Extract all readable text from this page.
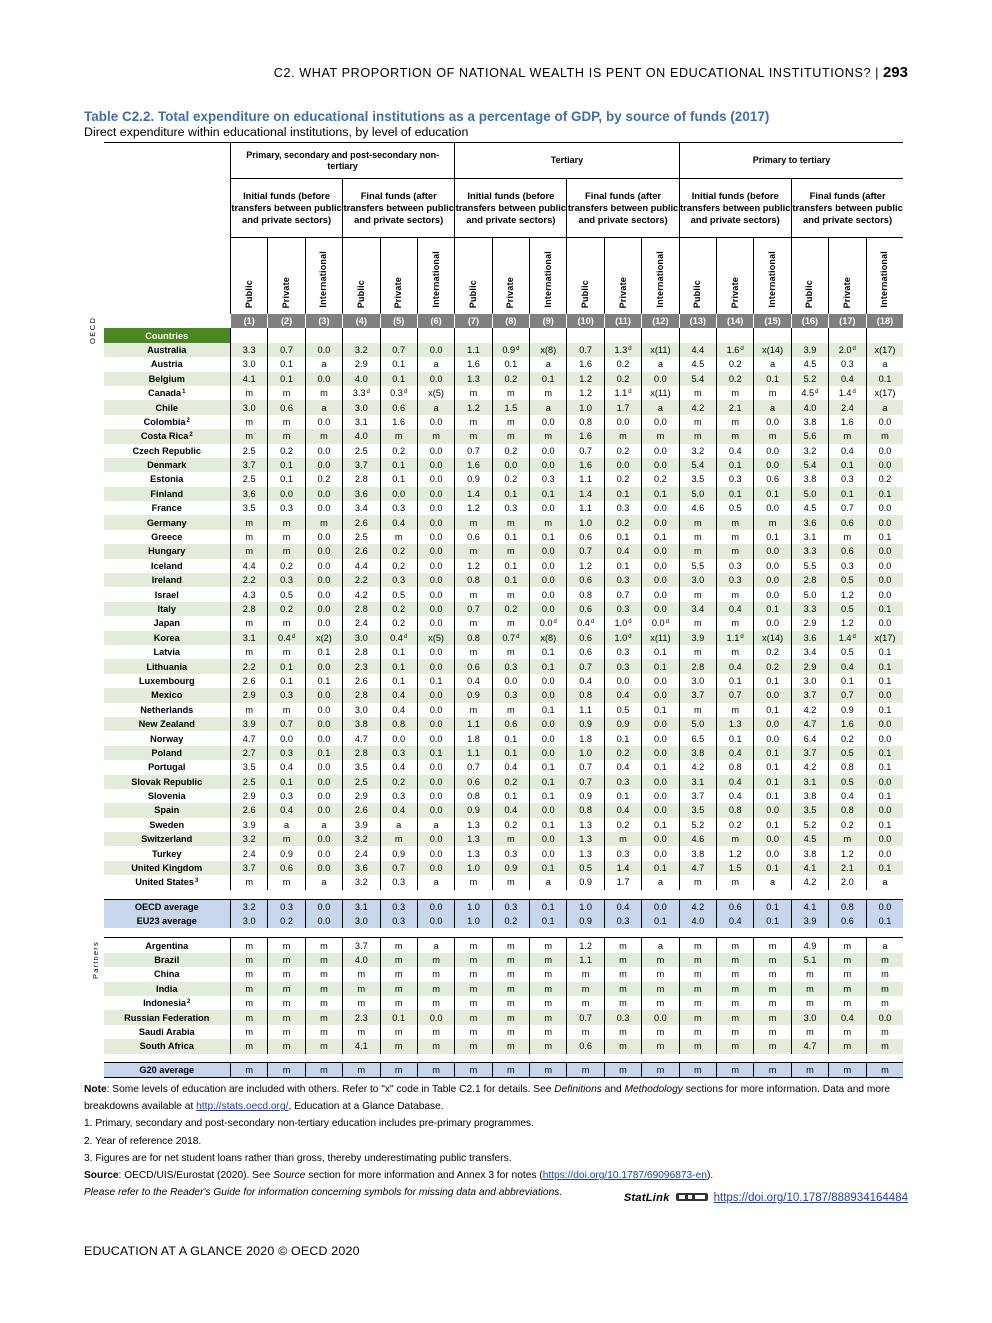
C2. WHAT PROPORTION OF NATIONAL WEALTH IS PENT ON EDUCATIONAL INSTITUTIONS? | 293
Table C2.2. Total expenditure on educational institutions as a percentage of GDP, by source of funds (2017)
Direct expenditure within educational institutions, by level of education
OECD
Partners
	Primary, secondary and post-secondary non-tertiary						Tertiary						Primary to tertiary					
	Initial funds (before transfers between public and private sectors)			Final funds (after transfers between public and private sectors)			Initial funds (before transfers between public and private sectors)			Final funds (after transfers between public and private sectors)			Initial funds (before transfers between public and private sectors)			Final funds (after transfers between public and private sectors)		

	Public	Private	International	Public	Private	International	Public	Private	International	Public	Private	International	Public	Private	International	Public	Private	International

	(1)	(2)	(3)	(4)	(5)	(6)	(7)	(8)	(9)	(10)	(11)	(12)	(13)	(14)	(15)	(16)	(17)	(18)
Countries																		
Australia	3.3	0.7	0.0	3.2	0.7	0.0	1.1	0.9$^d$	x(8)	0.7	1.3$^d$	x(11)	4.4	1.6$^d$	x(14)	3.9	2.0$^d$	x(17)
Austria	3.0	0.1	a	2.9	0.1	a	1.6	0.1	a	1.6	0.2	a	4.5	0.2	a	4.5	0.3	a
Belgium	4.1	0.1	0.0	4.0	0.1	0.0	1.3	0.2	0.1	1.2	0.2	0.0	5.4	0.2	0.1	5.2	0.4	0.1
Canada$^1$	m	m	m	3.3$^d$	0.3$^d$	x(5)	m	m	m	1.2	1.1$^d$	x(11)	m	m	m	4.5$^d$	1.4$^d$	x(17)
Chile	3.0	0.6	a	3.0	0.6	a	1.2	1.5	a	1.0	1.7	a	4.2	2.1	a	4.0	2.4	a
Colombia$^2$	m	m	0.0	3.1	1.6	0.0	m	m	0.0	0.8	0.0	0.0	m	m	0.0	3.8	1.6	0.0
Costa Rica$^2$	m	m	m	4.0	m	m	m	m	m	1.6	m	m	m	m	m	5.6	m	m
Czech Republic	2.5	0.2	0.0	2.5	0.2	0.0	0.7	0.2	0.0	0.7	0.2	0.0	3.2	0.4	0.0	3.2	0.4	0.0
Denmark	3.7	0.1	0.0	3.7	0.1	0.0	1.6	0.0	0.0	1.6	0.0	0.0	5.4	0.1	0.0	5.4	0.1	0.0
Estonia	2.5	0.1	0.2	2.8	0.1	0.0	0.9	0.2	0.3	1.1	0.2	0.2	3.5	0.3	0.6	3.8	0.3	0.2
Finland	3.6	0.0	0.0	3.6	0.0	0.0	1.4	0.1	0.1	1.4	0.1	0.1	5.0	0.1	0.1	5.0	0.1	0.1
France	3.5	0.3	0.0	3.4	0.3	0.0	1.2	0.3	0.0	1.1	0.3	0.0	4.6	0.5	0.0	4.5	0.7	0.0
Germany	m	m	m	2.6	0.4	0.0	m	m	m	1.0	0.2	0.0	m	m	m	3.6	0.6	0.0
Greece	m	m	0.0	2.5	m	0.0	0.6	0.1	0.1	0.6	0.1	0.1	m	m	0.1	3.1	m	0.1
Hungary	m	m	0.0	2.6	0.2	0.0	m	m	0.0	0.7	0.4	0.0	m	m	0.0	3.3	0.6	0.0
Iceland	4.4	0.2	0.0	4.4	0.2	0.0	1.2	0.1	0.0	1.2	0.1	0.0	5.5	0.3	0.0	5.5	0.3	0.0
Ireland	2.2	0.3	0.0	2.2	0.3	0.0	0.8	0.1	0.0	0.6	0.3	0.0	3.0	0.3	0.0	2.8	0.5	0.0
Israel	4.3	0.5	0.0	4.2	0.5	0.0	m	m	0.0	0.8	0.7	0.0	m	m	0.0	5.0	1.2	0.0
Italy	2.8	0.2	0.0	2.8	0.2	0.0	0.7	0.2	0.0	0.6	0.3	0.0	3.4	0.4	0.1	3.3	0.5	0.1
Japan	m	m	0.0	2.4	0.2	0.0	m	m	0.0$^d$	0.4$^d$	1.0$^d$	0.0$^d$	m	m	0.0	2.9	1.2	0.0
Korea	3.1	0.4$^d$	x(2)	3.0	0.4$^d$	x(5)	0.8	0.7$^d$	x(8)	0.6	1.0$^d$	x(11)	3.9	1.1$^d$	x(14)	3.6	1.4$^d$	x(17)
Latvia	m	m	0.1	2.8	0.1	0.0	m	m	0.1	0.6	0.3	0.1	m	m	0.2	3.4	0.5	0.1
Lithuania	2.2	0.1	0.0	2.3	0.1	0.0	0.6	0.3	0.1	0.7	0.3	0.1	2.8	0.4	0.2	2.9	0.4	0.1
Luxembourg	2.6	0.1	0.1	2.6	0.1	0.1	0.4	0.0	0.0	0.4	0.0	0.0	3.0	0.1	0.1	3.0	0.1	0.1
Mexico	2.9	0.3	0.0	2.8	0.4	0.0	0.9	0.3	0.0	0.8	0.4	0.0	3.7	0.7	0.0	3.7	0.7	0.0
Netherlands	m	m	0.0	3.0	0.4	0.0	m	m	0.1	1.1	0.5	0.1	m	m	0.1	4.2	0.9	0.1
New Zealand	3.9	0.7	0.0	3.8	0.8	0.0	1.1	0.6	0.0	0.9	0.9	0.0	5.0	1.3	0.0	4.7	1.6	0.0
Norway	4.7	0.0	0.0	4.7	0.0	0.0	1.8	0.1	0.0	1.8	0.1	0.0	6.5	0.1	0.0	6.4	0.2	0.0
Poland	2.7	0.3	0.1	2.8	0.3	0.1	1.1	0.1	0.0	1.0	0.2	0.0	3.8	0.4	0.1	3.7	0.5	0.1
Portugal	3.5	0.4	0.0	3.5	0.4	0.0	0.7	0.4	0.1	0.7	0.4	0.1	4.2	0.8	0.1	4.2	0.8	0.1
Slovak Republic	2.5	0.1	0.0	2.5	0.2	0.0	0.6	0.2	0.1	0.7	0.3	0.0	3.1	0.4	0.1	3.1	0.5	0.0
Slovenia	2.9	0.3	0.0	2.9	0.3	0.0	0.8	0.1	0.1	0.9	0.1	0.0	3.7	0.4	0.1	3.8	0.4	0.1
Spain	2.6	0.4	0.0	2.6	0.4	0.0	0.9	0.4	0.0	0.8	0.4	0.0	3.5	0.8	0.0	3.5	0.8	0.0
Sweden	3.9	a	a	3.9	a	a	1.3	0.2	0.1	1.3	0.2	0.1	5.2	0.2	0.1	5.2	0.2	0.1
Switzerland	3.2	m	0.0	3.2	m	0.0	1.3	m	0.0	1.3	m	0.0	4.6	m	0.0	4.5	m	0.0
Turkey	2.4	0.9	0.0	2.4	0.9	0.0	1.3	0.3	0.0	1.3	0.3	0.0	3.8	1.2	0.0	3.8	1.2	0.0
United Kingdom	3.7	0.6	0.0	3.6	0.7	0.0	1.0	0.9	0.1	0.5	1.4	0.1	4.7	1.5	0.1	4.1	2.1	0.1
United States$^3$	m	m	a	3.2	0.3	a	m	m	a	0.9	1.7	a	m	m	a	4.2	2.0	a

OECD average	3.2	0.3	0.0	3.1	0.3	0.0	1.0	0.3	0.1	1.0	0.4	0.0	4.2	0.6	0.1	4.1	0.8	0.0
EU23 average	3.0	0.2	0.0	3.0	0.3	0.0	1.0	0.2	0.1	0.9	0.3	0.1	4.0	0.4	0.1	3.9	0.6	0.1

Argentina	m	m	m	3.7	m	a	m	m	m	1.2	m	a	m	m	m	4.9	m	a
Brazil	m	m	m	4.0	m	m	m	m	m	1.1	m	m	m	m	m	5.1	m	m
China	m	m	m	m	m	m	m	m	m	m	m	m	m	m	m	m	m	m
India	m	m	m	m	m	m	m	m	m	m	m	m	m	m	m	m	m	m
Indonesia$^2$	m	m	m	m	m	m	m	m	m	m	m	m	m	m	m	m	m	m
Russian Federation	m	m	m	2.3	0.1	0.0	m	m	m	0.7	0.3	0.0	m	m	m	3.0	0.4	0.0
Saudi Arabia	m	m	m	m	m	m	m	m	m	m	m	m	m	m	m	m	m	m
South Africa	m	m	m	4.1	m	m	m	m	m	0.6	m	m	m	m	m	4.7	m	m

G20 average	m	m	m	m	m	m	m	m	m	m	m	m	m	m	m	m	m	m

Note: Some levels of education are included with others. Refer to "x" code in Table C2.1 for details. See Definitions and Methodology sections for more information. Data and more breakdowns available at http://stats.oecd.org/, Education at a Glance Database.

1. Primary, secondary and post-secondary non-tertiary education includes pre-primary programmes.

2. Year of reference 2018.

3. Figures are for net student loans rather than gross, thereby underestimating public transfers.

Source: OECD/UIS/Eurostat (2020). See Source section for more information and Annex 3 for notes (https://doi.org/10.1787/69096873-en).

Please refer to the Reader's Guide for information concerning symbols for missing data and abbreviations.	StatLink	https://doi.org/10.1787/888934164484
EDUCATION AT A GLANCE 2020 © OECD 2020
